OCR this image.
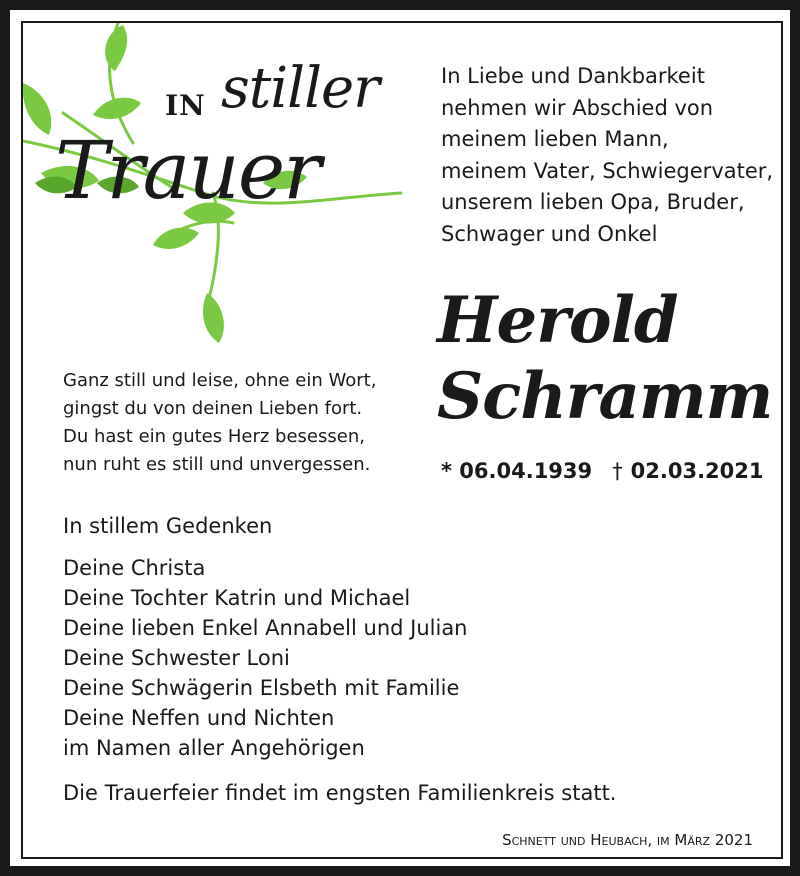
IN stiller
Trauer
In Liebe und Dankbarkeit
nehmen wir Abschied von
meinem lieben Mann,
meinem Vater, Schwiegervater,
unserem lieben Opa, Bruder,
Schwager und Onkel
Herold
Schramm
* 06.04.1939 † 02.03.2021
Ganz still und leise, ohne ein Wort,
gingst du von deinen Lieben fort.
Du hast ein gutes Herz besessen,
nun ruht es still und unvergessen.
In stillem Gedenken
Deine Christa
Deine Tochter Katrin und Michael
Deine lieben Enkel Annabell und Julian
Deine Schwester Loni
Deine Schwägerin Elsbeth mit Familie
Deine Neffen und Nichten
im Namen aller Angehörigen
Die Trauerfeier findet im engsten Familienkreis statt.
Schnett und Heubach, im März 2021
